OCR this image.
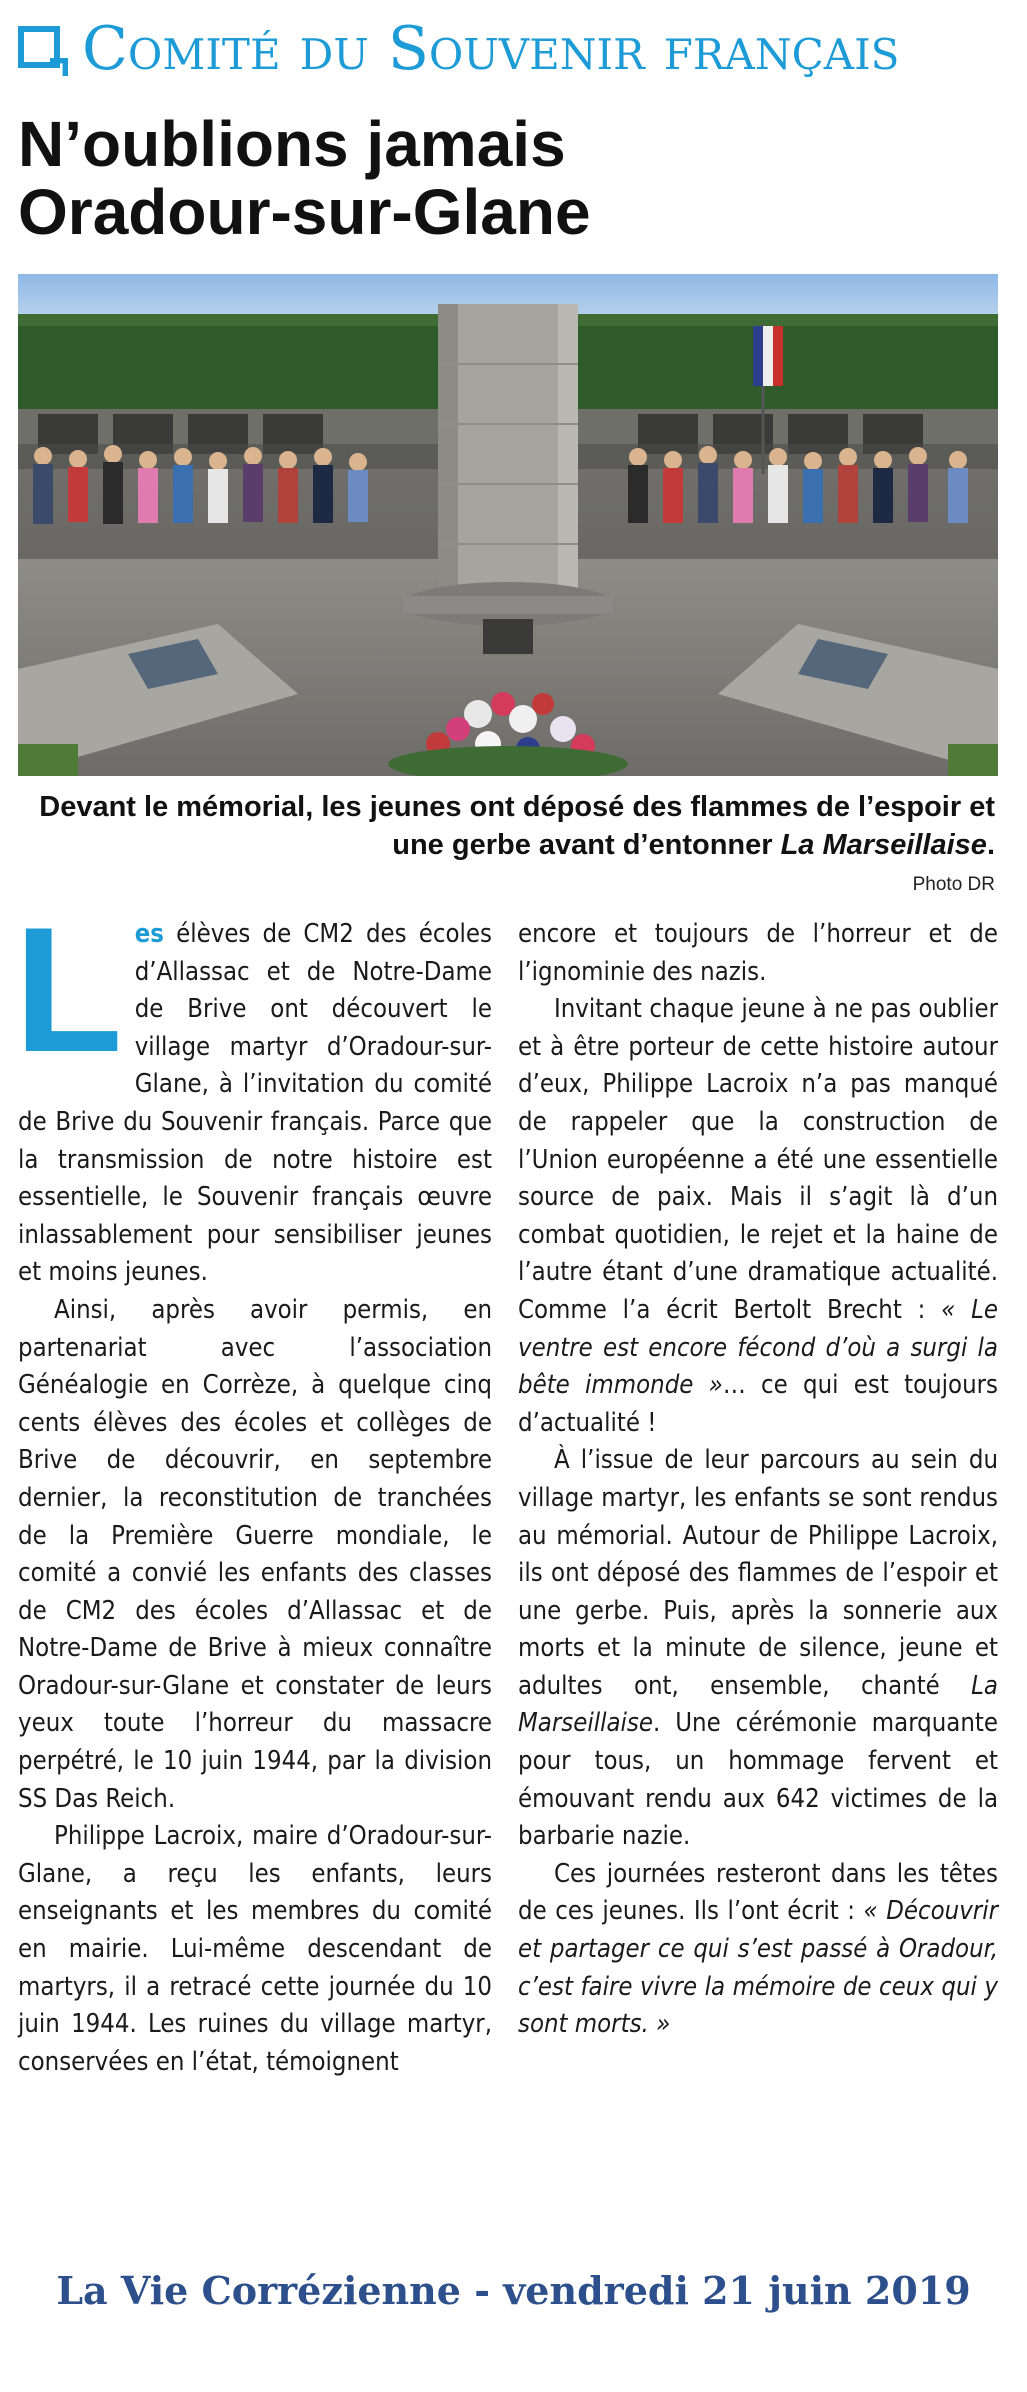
Comité du Souvenir français
N’oublions jamais
Oradour-sur-Glane
Devant le mémorial, les jeunes ont déposé des flammes de l’espoir et une gerbe avant d’entonner La Marseillaise.
Photo DR

Les élèves de CM2 des écoles d’Allassac et de Notre-Dame de Brive ont découvert le village martyr d’Oradour-sur-Glane, à l’invitation du comité de Brive du Souvenir français. Parce que la transmission de notre histoire est essentielle, le Souvenir français œuvre inlassablement pour sensibiliser jeunes et moins jeunes.

Ainsi, après avoir permis, en partenariat avec l’association Généalogie en Corrèze, à quelque cinq cents élèves des écoles et collèges de Brive de découvrir, en septembre dernier, la reconstitution de tranchées de la Première Guerre mondiale, le comité a convié les enfants des classes de CM2 des écoles d’Allassac et de Notre-Dame de Brive à mieux connaître Oradour-sur-Glane et constater de leurs yeux toute l’horreur du massacre perpétré, le 10 juin 1944, par la division SS Das Reich.

Philippe Lacroix, maire d’Oradour-sur-Glane, a reçu les enfants, leurs enseignants et les membres du comité en mairie. Lui-même descendant de martyrs, il a retracé cette journée du 10 juin 1944. Les ruines du village martyr, conservées en l’état, témoignent

encore et toujours de l’horreur et de l’ignominie des nazis.

Invitant chaque jeune à ne pas oublier et à être porteur de cette histoire autour d’eux, Philippe Lacroix n’a pas manqué de rappeler que la construction de l’Union européenne a été une essentielle source de paix. Mais il s’agit là d’un combat quotidien, le rejet et la haine de l’autre étant d’une dramatique actualité. Comme l’a écrit Bertolt Brecht : « Le ventre est encore fécond d’où a surgi la bête immonde »… ce qui est toujours d’actualité !

À l’issue de leur parcours au sein du village martyr, les enfants se sont rendus au mémorial. Autour de Philippe Lacroix, ils ont déposé des flammes de l’espoir et une gerbe. Puis, après la sonnerie aux morts et la minute de silence, jeune et adultes ont, ensemble, chanté La Marseillaise. Une cérémonie marquante pour tous, un hommage fervent et émouvant rendu aux 642 victimes de la barbarie nazie.

Ces journées resteront dans les têtes de ces jeunes. Ils l’ont écrit : « Découvrir et partager ce qui s’est passé à Oradour, c’est faire vivre la mémoire de ceux qui y sont morts. »

La Vie Corrézienne - vendredi 21 juin 2019
